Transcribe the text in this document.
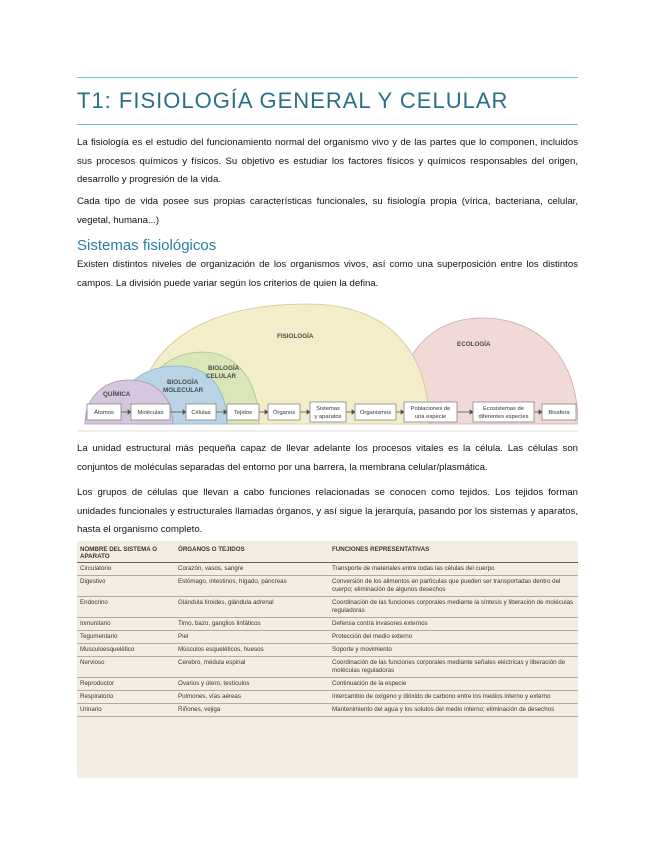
T1: FISIOLOGÍA GENERAL Y CELULAR

La fisiología es el estudio del funcionamiento normal del organismo vivo y de las partes que lo componen, incluidos sus procesos químicos y físicos. Su objetivo es estudiar los factores físicos y químicos responsables del origen, desarrollo y progresión de la vida.

Cada tipo de vida posee sus propias características funcionales, su fisiología propia (vírica, bacteriana, celular, vegetal, humana...)

Sistemas fisiológicos

Existen distintos niveles de organización de los organismos vivos, así como una superposición entre los distintos campos. La división puede variar según los criterios de quien la defina.

FISIOLOGÍA
ECOLOGÍA
BIOLOGÍA
CELULAR
BIOLOGÍA
MOLECULAR
QUÍMICA
Átomos	Moléculas	Células	Tejidos	Órganos
Sistemas
y aparatos
Organismos
Poblaciones de
una especie
Ecosistemas de
diferentes especies
Biosfera

La unidad estructural más pequeña capaz de llevar adelante los procesos vitales es la célula. Las células son conjuntos de moléculas separadas del entorno por una barrera, la membrana celular/plasmática.

Los grupos de células que llevan a cabo funciones relacionadas se conocen como tejidos. Los tejidos forman unidades funcionales y estructurales llamadas órganos, y así sigue la jerarquía, pasando por los sistemas y aparatos, hasta el organismo completo.

NOMBRE DEL SISTEMA O APARATO	ÓRGANOS O TEJIDOS	FUNCIONES REPRESENTATIVAS
Circulatorio	Corazón, vasos, sangre	Transporte de materiales entre todas las células del cuerpo
Digestivo	Estómago, intestinos, hígado, páncreas	Conversión de los alimentos en partículas que pueden ser transportadas dentro del cuerpo; eliminación de algunos desechos
Endocrino	Glándula tiroides, glándula adrenal	Coordinación de las funciones corporales mediante la síntesis y liberación de moléculas reguladoras
Inmunitario	Timo, bazo, ganglios linfáticos	Defensa contra invasores externos
Tegumentario	Piel	Protección del medio externo
Musculoesquelético	Músculos esqueléticos, huesos	Soporte y movimiento
Nervioso	Cerebro, médula espinal	Coordinación de las funciones corporales mediante señales eléctricas y liberación de moléculas reguladoras
Reproductor	Ovarios y útero, testículos	Continuación de la especie
Respiratorio	Pulmones, vías aéreas	Intercambio de oxígeno y dióxido de carbono entre los medios interno y externo
Urinario	Riñones, vejiga	Mantenimiento del agua y los solutos del medio interno; eliminación de desechos
